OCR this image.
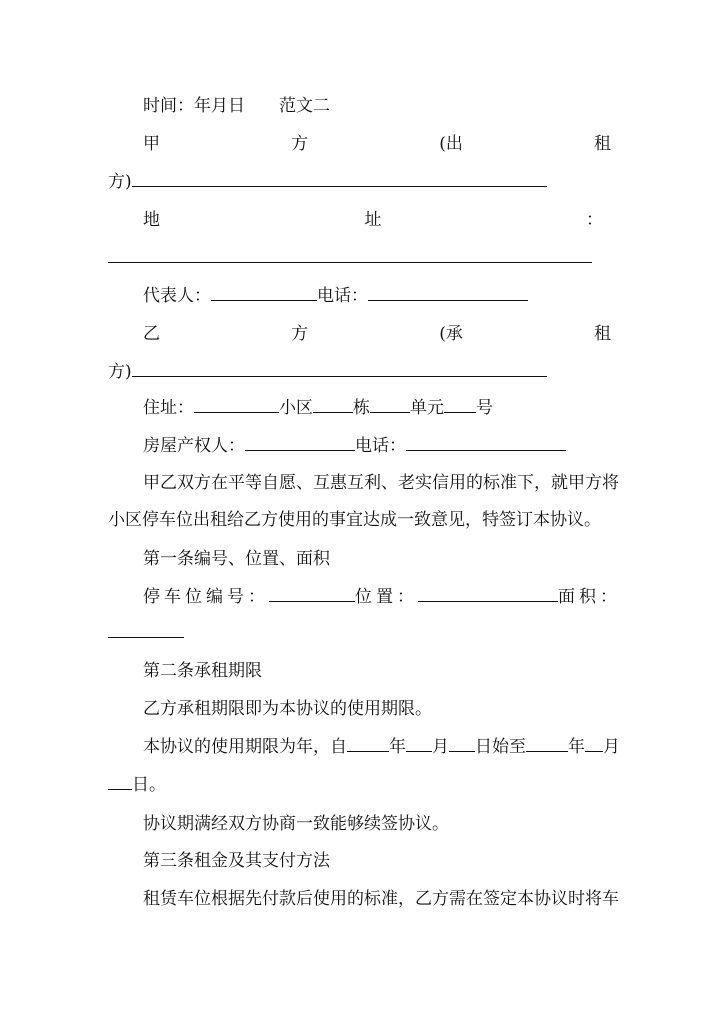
时间：年月日 范文二
甲	方	(出	租
方)
地	址	：
代表人：	电话：
乙	方	(承	租
方)
住址：	小区 栋 单元 号
房屋产权人：	电话：
甲乙双方在平等自愿、互惠互利、老实信用的标准下，就甲方将
小区停车位出租给乙方使用的事宜达成一致意见，特签订本协议。
第一条编号、位置、面积
停车位编号：	位置：	面积：
第二条承租期限
乙方承租期限即为本协议的使用期限。
本协议的使用期限为年，自 年 月 日始至 年 月
日。
协议期满经双方协商一致能够续签协议。
第三条租金及其支付方法
租赁车位根据先付款后使用的标准，乙方需在签定本协议时将车
